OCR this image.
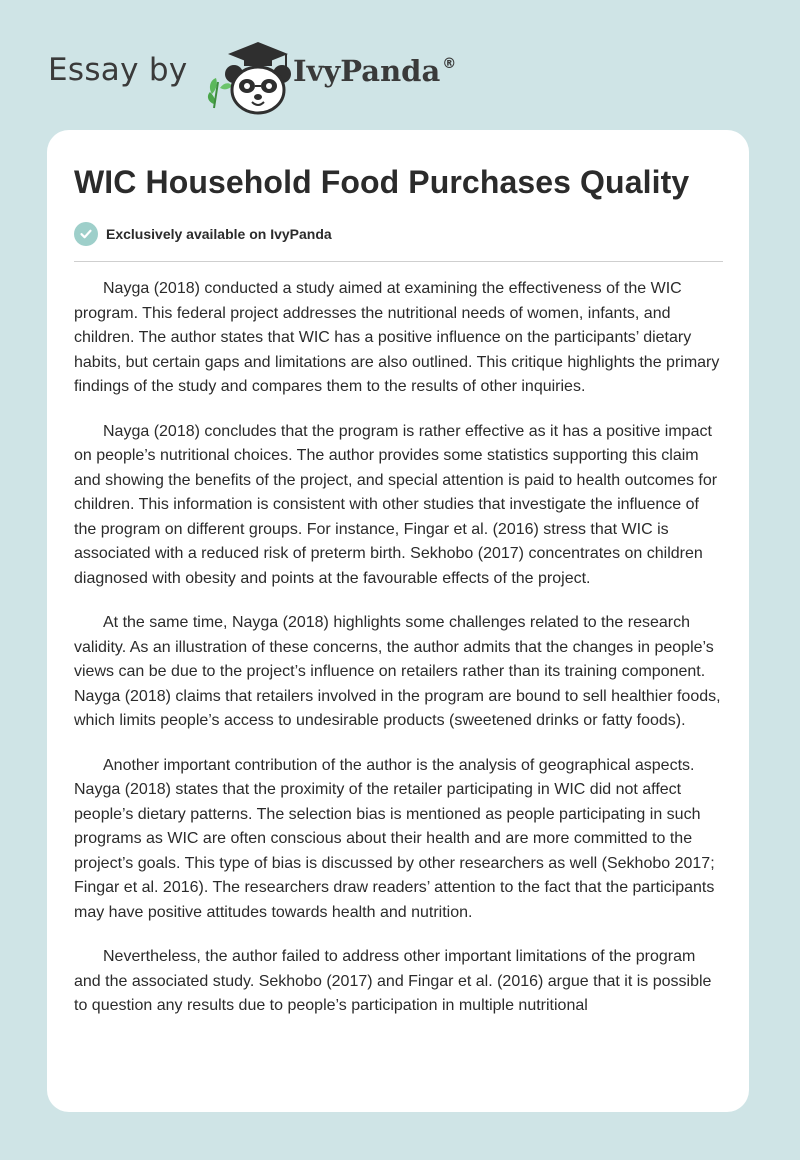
Essay by	IvyPanda ®
WIC Household Food Purchases Quality
Exclusively available on IvyPanda

Nayga (2018) conducted a study aimed at examining the effectiveness of the WIC program. This federal project addresses the nutritional needs of women, infants, and children. The author states that WIC has a positive influence on the participants’ dietary habits, but certain gaps and limitations are also outlined. This critique highlights the primary findings of the study and compares them to the results of other inquiries.

Nayga (2018) concludes that the program is rather effective as it has a positive impact on people’s nutritional choices. The author provides some statistics supporting this claim and showing the benefits of the project, and special attention is paid to health outcomes for children. This information is consistent with other studies that investigate the influence of the program on different groups. For instance, Fingar et al. (2016) stress that WIC is associated with a reduced risk of preterm birth. Sekhobo (2017) concentrates on children diagnosed with obesity and points at the favourable effects of the project.

At the same time, Nayga (2018) highlights some challenges related to the research validity. As an illustration of these concerns, the author admits that the changes in people’s views can be due to the project’s influence on retailers rather than its training component. Nayga (2018) claims that retailers involved in the program are bound to sell healthier foods, which limits people’s access to undesirable products (sweetened drinks or fatty foods).

Another important contribution of the author is the analysis of geographical aspects. Nayga (2018) states that the proximity of the retailer participating in WIC did not affect people’s dietary patterns. The selection bias is mentioned as people participating in such programs as WIC are often conscious about their health and are more committed to the project’s goals. This type of bias is discussed by other researchers as well (Sekhobo 2017; Fingar et al. 2016). The researchers draw readers’ attention to the fact that the participants may have positive attitudes towards health and nutrition.

Nevertheless, the author failed to address other important limitations of the program and the associated study. Sekhobo (2017) and Fingar et al. (2016) argue that it is possible to question any results due to people’s participation in multiple nutritional
